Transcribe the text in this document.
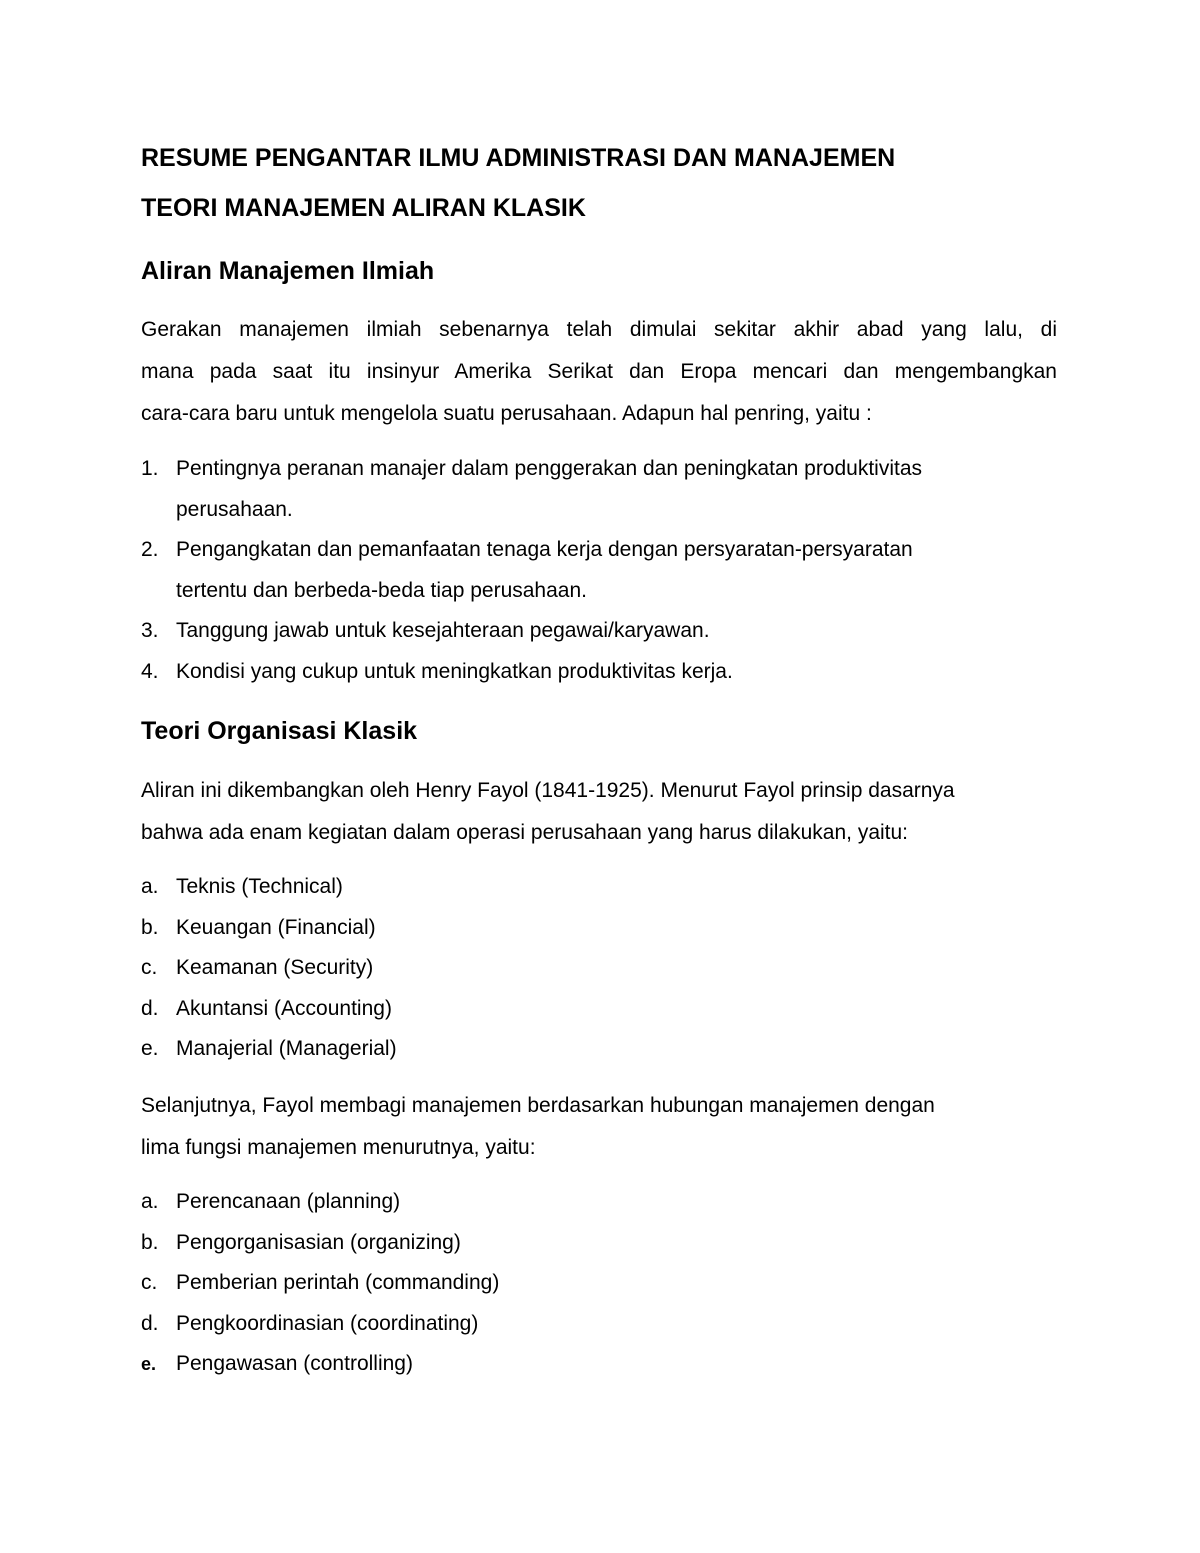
RESUME PENGANTAR ILMU ADMINISTRASI DAN MANAJEMEN
TEORI MANAJEMEN ALIRAN KLASIK
Aliran Manajemen Ilmiah

Gerakan manajemen ilmiah sebenarnya telah dimulai sekitar akhir abad yang lalu, di
mana pada saat itu insinyur Amerika Serikat dan Eropa mencari dan mengembangkan
cara-cara baru untuk mengelola suatu perusahaan. Adapun hal penring, yaitu :

1. Pentingnya peranan manajer dalam penggerakan dan peningkatan produktivitas
perusahaan.
2. Pengangkatan dan pemanfaatan tenaga kerja dengan persyaratan-persyaratan
tertentu dan berbeda-beda tiap perusahaan.
3. Tanggung jawab untuk kesejahteraan pegawai/karyawan.
4. Kondisi yang cukup untuk meningkatkan produktivitas kerja.
Teori Organisasi Klasik

Aliran ini dikembangkan oleh Henry Fayol (1841-1925). Menurut Fayol prinsip dasarnya
bahwa ada enam kegiatan dalam operasi perusahaan yang harus dilakukan, yaitu:

a. Teknis (Technical)
b. Keuangan (Financial)
c. Keamanan (Security)
d. Akuntansi (Accounting)
e. Manajerial (Managerial)

Selanjutnya, Fayol membagi manajemen berdasarkan hubungan manajemen dengan
lima fungsi manajemen menurutnya, yaitu:

a. Perencanaan (planning)
b. Pengorganisasian (organizing)
c. Pemberian perintah (commanding)
d. Pengkoordinasian (coordinating)
e. Pengawasan (controlling)
